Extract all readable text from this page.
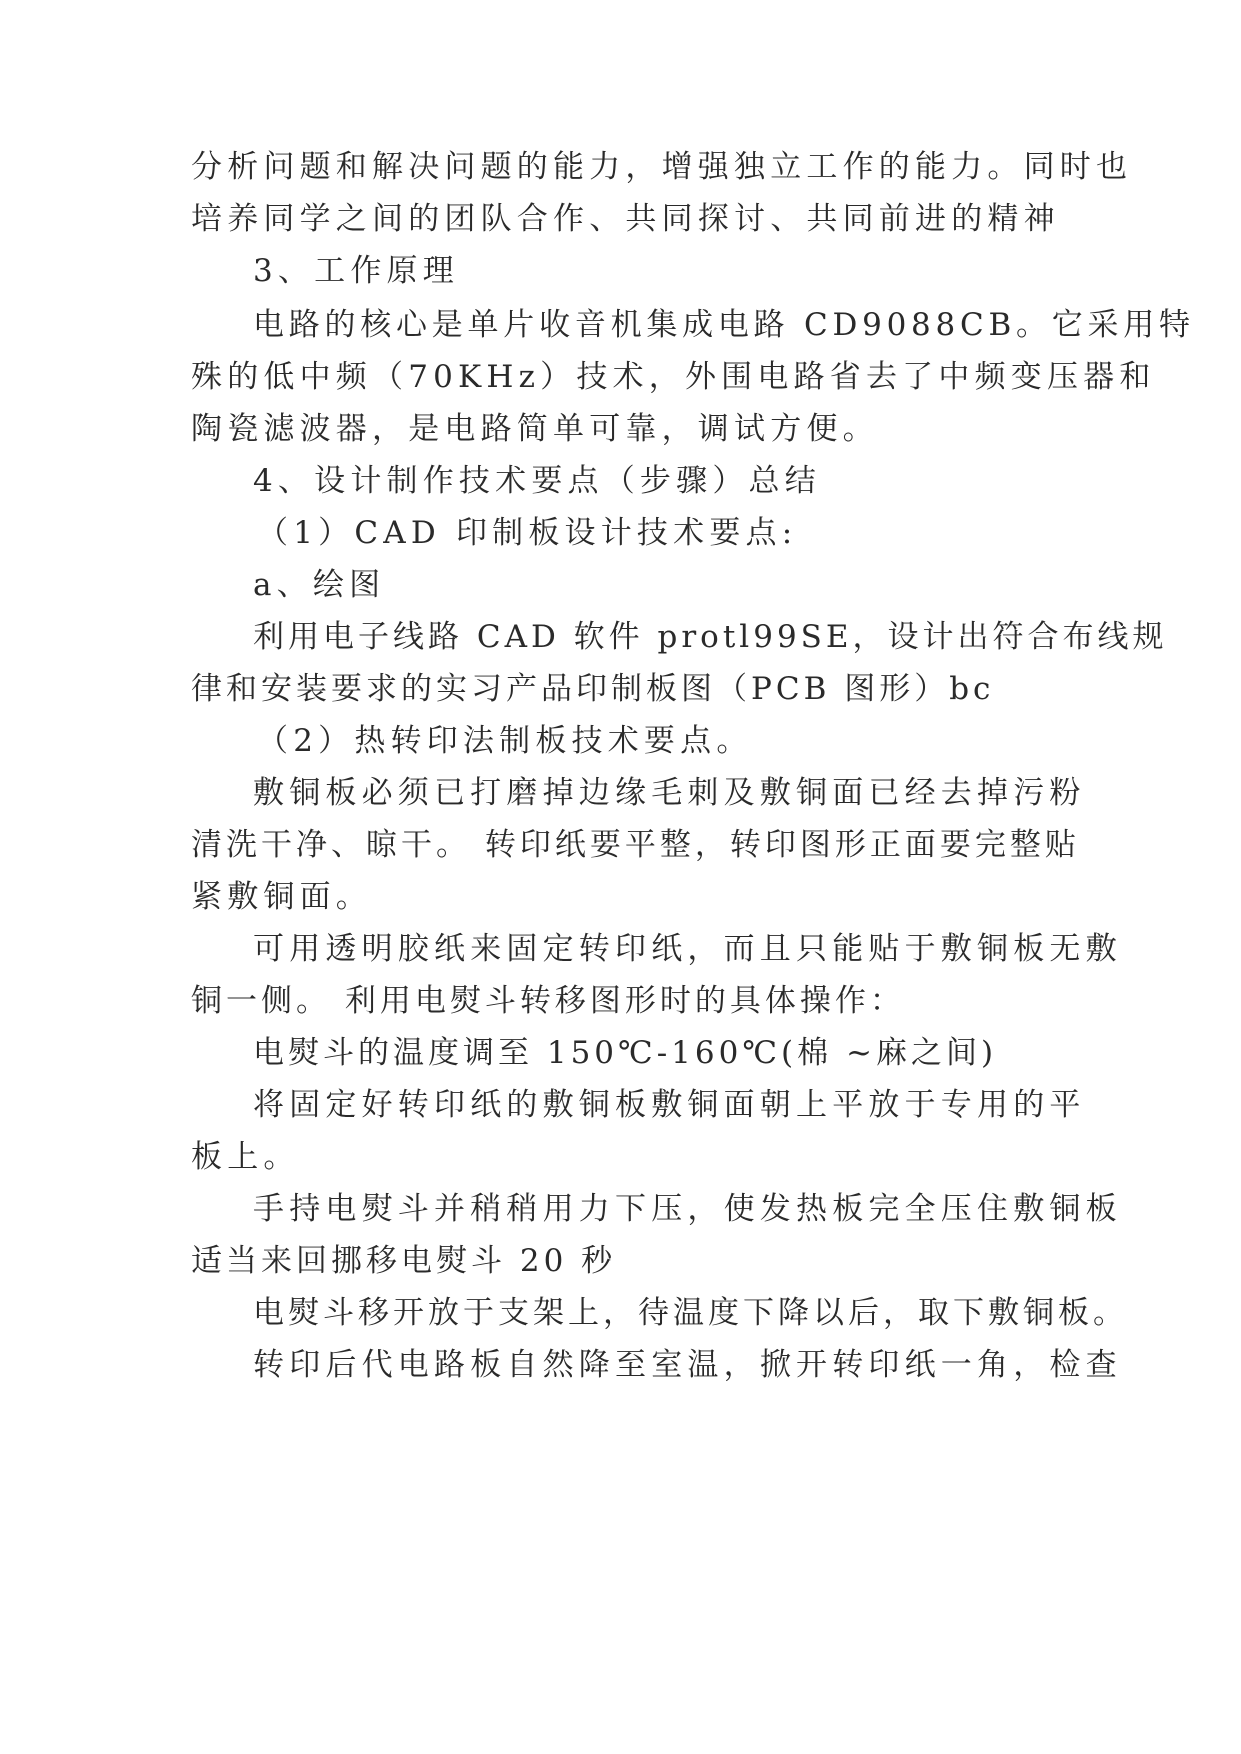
分析问题和解决问题的能力，增强独立工作的能力。同时也
培养同学之间的团队合作、共同探讨、共同前进的精神
3、工作原理
电路的核心是单片收音机集成电路 CD9088CB。它采用特
殊的低中频（70KHz）技术，外围电路省去了中频变压器和
陶瓷滤波器，是电路简单可靠，调试方便。
4、设计制作技术要点（步骤）总结
（1）CAD 印制板设计技术要点:
a、绘图
利用电子线路 CAD 软件 protl99SE，设计出符合布线规
律和安装要求的实习产品印制板图（PCB 图形）bc
（2）热转印法制板技术要点。
敷铜板必须已打磨掉边缘毛刺及敷铜面已经去掉污粉
清洗干净、晾干。 转印纸要平整，转印图形正面要完整贴
紧敷铜面。
可用透明胶纸来固定转印纸，而且只能贴于敷铜板无敷
铜一侧。 利用电熨斗转移图形时的具体操作：
电熨斗的温度调至 150℃-160℃(棉 ~麻之间)
将固定好转印纸的敷铜板敷铜面朝上平放于专用的平
板上。
手持电熨斗并稍稍用力下压，使发热板完全压住敷铜板
适当来回挪移电熨斗 20 秒
电熨斗移开放于支架上，待温度下降以后，取下敷铜板。
转印后代电路板自然降至室温，掀开转印纸一角，检查
